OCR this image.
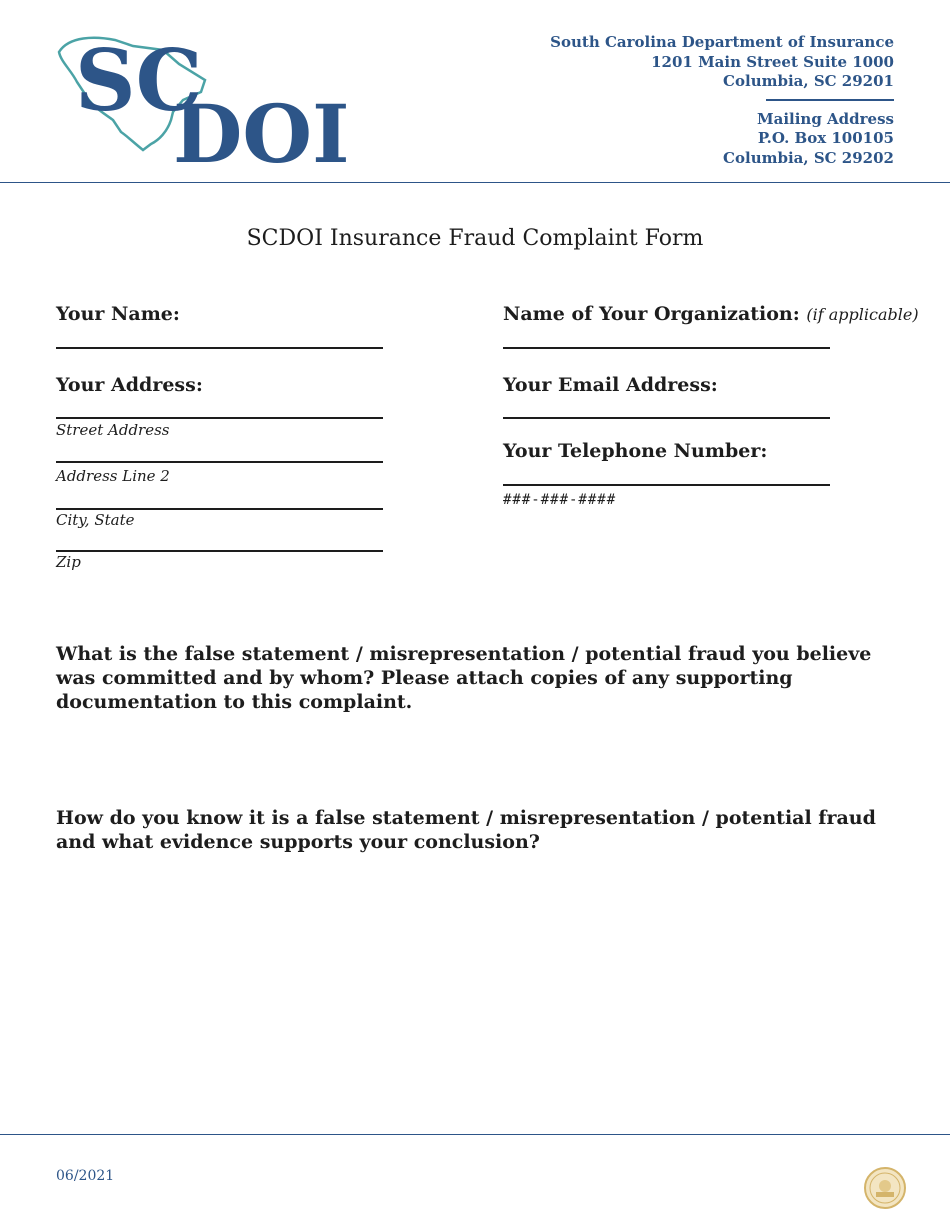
SC
DOI
South Carolina Department of Insurance
1201 Main Street Suite 1000
Columbia, SC 29201
Mailing Address
P.O. Box 100105
Columbia, SC 29202
SCDOI Insurance Fraud Complaint Form
Your Name:
Your Address:
Street Address
Address Line 2
City, State
Zip
Name of Your Organization: (if applicable)
Your Email Address:
Your Telephone Number:
###-###-####
What is the false statement / misrepresentation / potential fraud you believe was committed and by whom? Please attach copies of any supporting documentation to this complaint.
How do you know it is a false statement / misrepresentation / potential fraud and what evidence supports your conclusion?
06/2021
